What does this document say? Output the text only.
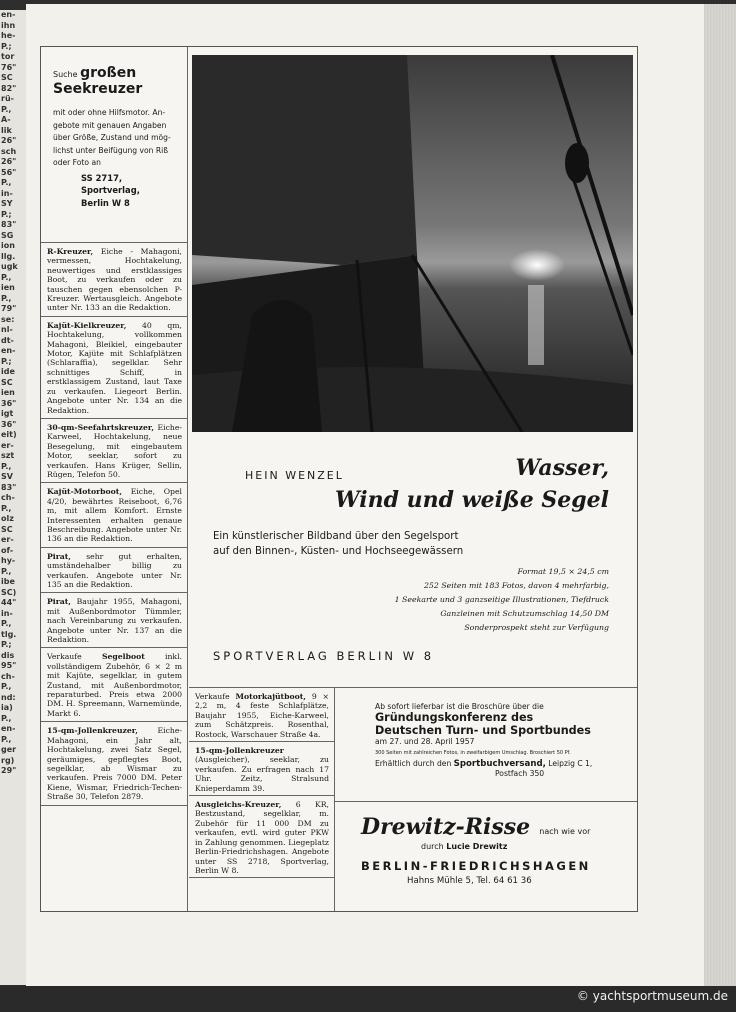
en-
ihn
he-
P.;
tor
76"
SC
82"
rü-
P.,
A-
lik
26"
sch
26"
56"
P.,
in-
SY
P.;
83"
SG
ion
llg.
ugk
P.,
ien
P.,
79"
se:
nl-
dt-
en-
P.;
ide
SC
ien
36"
igt
36"
eit)
er-
szt
P.,
SV
83"
ch-
P.,
olz
SC
er-
of-
hy-
P.,
ibe
SC)
44"
in-
P.,
tlg.
P.;
dis
95"
ch-
P.,
nd:
ia)
P.,
en-
P.,
ger
rg)
29"
Suche großen
Seekreuzer
mit oder ohne Hilfsmotor. An-
gebote mit genauen Angaben
über Größe, Zustand und mög-
lichst unter Beifügung von Riß
oder Foto an
SS 2717,
Sportverlag,
Berlin W 8
R-Kreuzer, Eiche - Mahagoni, vermessen, Hochtakelung, neuwertiges und erstklassiges Boot, zu verkaufen oder zu tauschen gegen ebensolchen P-Kreuzer. Wertausgleich. Angebote unter Nr. 133 an die Redaktion.
Kajüt-Kielkreuzer, 40 qm, Hochtakelung, vollkommen Mahagoni, Bleikiel, eingebauter Motor, Kajüte mit Schlafplätzen (Schlaraffia), segelklar. Sehr schnittiges Schiff, in erstklassigem Zustand, laut Taxe zu verkaufen. Liegeort Berlin. Angebote unter Nr. 134 an die Redaktion.
30-qm-Seefahrtskreuzer, Eiche-Karweel, Hochtakelung, neue Besegelung, mit eingebautem Motor, seeklar, sofort zu verkaufen. Hans Krüger, Sellin, Rügen, Telefon 50.
Kajüt-Motorboot, Eiche, Opel 4/20, bewährtes Reiseboot, 6,76 m, mit allem Komfort. Ernste Interessenten erhalten genaue Beschreibung. Angebote unter Nr. 136 an die Redaktion.
Pirat, sehr gut erhalten, umständehalber billig zu verkaufen. Angebote unter Nr. 135 an die Redaktion.
Pirat, Baujahr 1955, Mahagoni, mit Außenbordmotor Tümmler, nach Vereinbarung zu verkaufen. Angebote unter Nr. 137 an die Redaktion.
Verkaufe Segelboot inkl. vollständigem Zubehör, 6 × 2 m mit Kajüte, segelklar, in gutem Zustand, mit Außenbordmotor, reparaturbed. Preis etwa 2000 DM. H. Spreemann, Warnemünde, Markt 6.
15-qm-Jollenkreuzer, Eiche-Mahagoni, ein Jahr alt, Hochtakelung, zwei Satz Segel, geräumiges, gepflegtes Boot, segelklar, ab Wismar zu verkaufen. Preis 7000 DM. Peter Kiene, Wismar, Friedrich-Techen-Straße 30, Telefon 2879.
HEIN WENZEL	Wasser,
Wind und weiße Segel
Ein künstlerischer Bildband über den Segelsport
auf den Binnen-, Küsten- und Hochseegewässern
Format 19,5 × 24,5 cm
252 Seiten mit 183 Fotos, davon 4 mehrfarbig,
1 Seekarte und 3 ganzseitige Illustrationen, Tiefdruck
Ganzleinen mit Schutzumschlag 14,50 DM
Sonderprospekt steht zur Verfügung
SPORTVERLAG BERLIN W 8
Verkaufe Motorkajütboot, 9 × 2,2 m, 4 feste Schlafplätze, Baujahr 1955, Eiche-Karweel, zum Schätzpreis. Rosenthal, Rostock, Warschauer Straße 4a.
15-qm-Jollenkreuzer (Ausgleicher), seeklar, zu verkaufen. Zu erfragen nach 17 Uhr. Zeitz, Stralsund Knieperdamm 39.
Ausgleichs-Kreuzer, 6 KR, Bestzustand, segelklar, m. Zubehör für 11 000 DM zu verkaufen, evtl. wird guter PKW in Zahlung genommen. Liegeplatz Berlin-Friedrichshagen. Angebote unter SS 2718, Sportverlag, Berlin W 8.
Ab sofort lieferbar ist die Broschüre über die
Gründungskonferenz des
Deutschen Turn- und Sportbundes
am 27. und 28. April 1957
300 Seiten mit zahlreichen Fotos, in zweifarbigem Umschlag. Broschiert 50 Pf.
Erhältlich durch den Sportbuchversand, Leipzig C 1,
Postfach 350
Drewitz-Risse nach wie vor
durch Lucie Drewitz
BERLIN-FRIEDRICHSHAGEN
Hahns Mühle 5, Tel. 64 61 36
© yachtsportmuseum.de
